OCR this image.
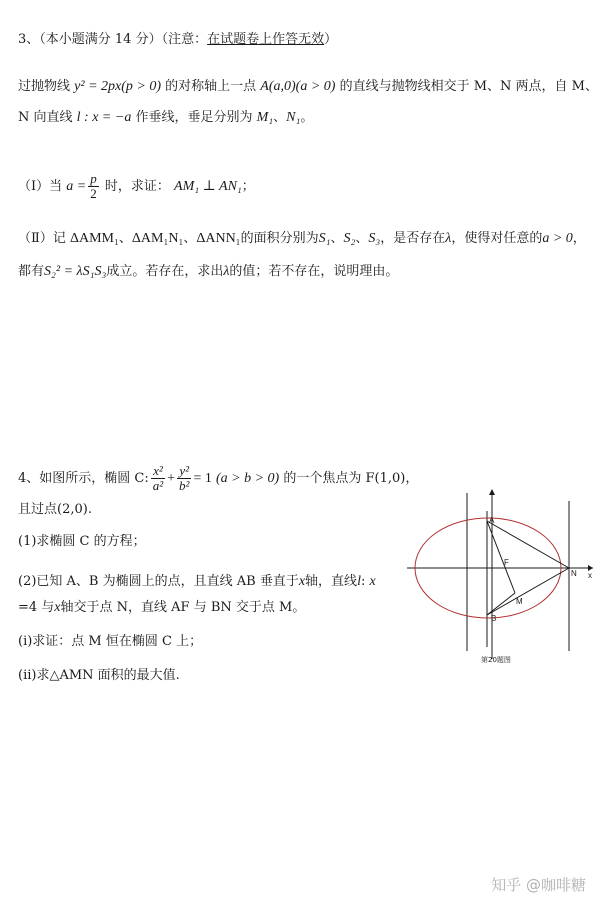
3、（本小题满分 14 分）（注意：在试题卷上作答无效）
过抛物线 y² = 2px(p > 0) 的对称轴上一点 A(a,0)(a > 0) 的直线与抛物线相交于 M、N 两点，自 M、
N 向直线 l : x = −a 作垂线，垂足分别为 M₁、N₁。
（Ⅰ）当 $a = \frac{p}{2}$ 时，求证： AM₁ ⊥ AN₁；
（Ⅱ）记 ΔAMM₁、ΔAM₁N₁、ΔANN₁的面积分别为S₁、S₂、S₃，是否存在λ，使得对任意的a > 0，
都有S₂² = λS₁S₃成立。若存在，求出λ的值；若不存在，说明理由。
4、如图所示，椭圆 C: $\frac{\text{x²}}{\text{a²}} + \frac{\text{y²}}{\text{b²}} = 1$ (a > b > 0) 的一个焦点为 F(1,0)，
且过点(2,0).
(1)求椭圆 C 的方程；
(2)已知 A、B 为椭圆上的点，且直线 AB 垂直于x轴，直线l: x
=4 与x轴交于点 N，直线 AF 与 BN 交于点 M。
(ⅰ)求证：点 M 恒在椭圆 C 上；
(ⅱ)求△AMN 面积的最大值.
A
F
M
B
N x
第20题图
知乎 @咖啡糖
